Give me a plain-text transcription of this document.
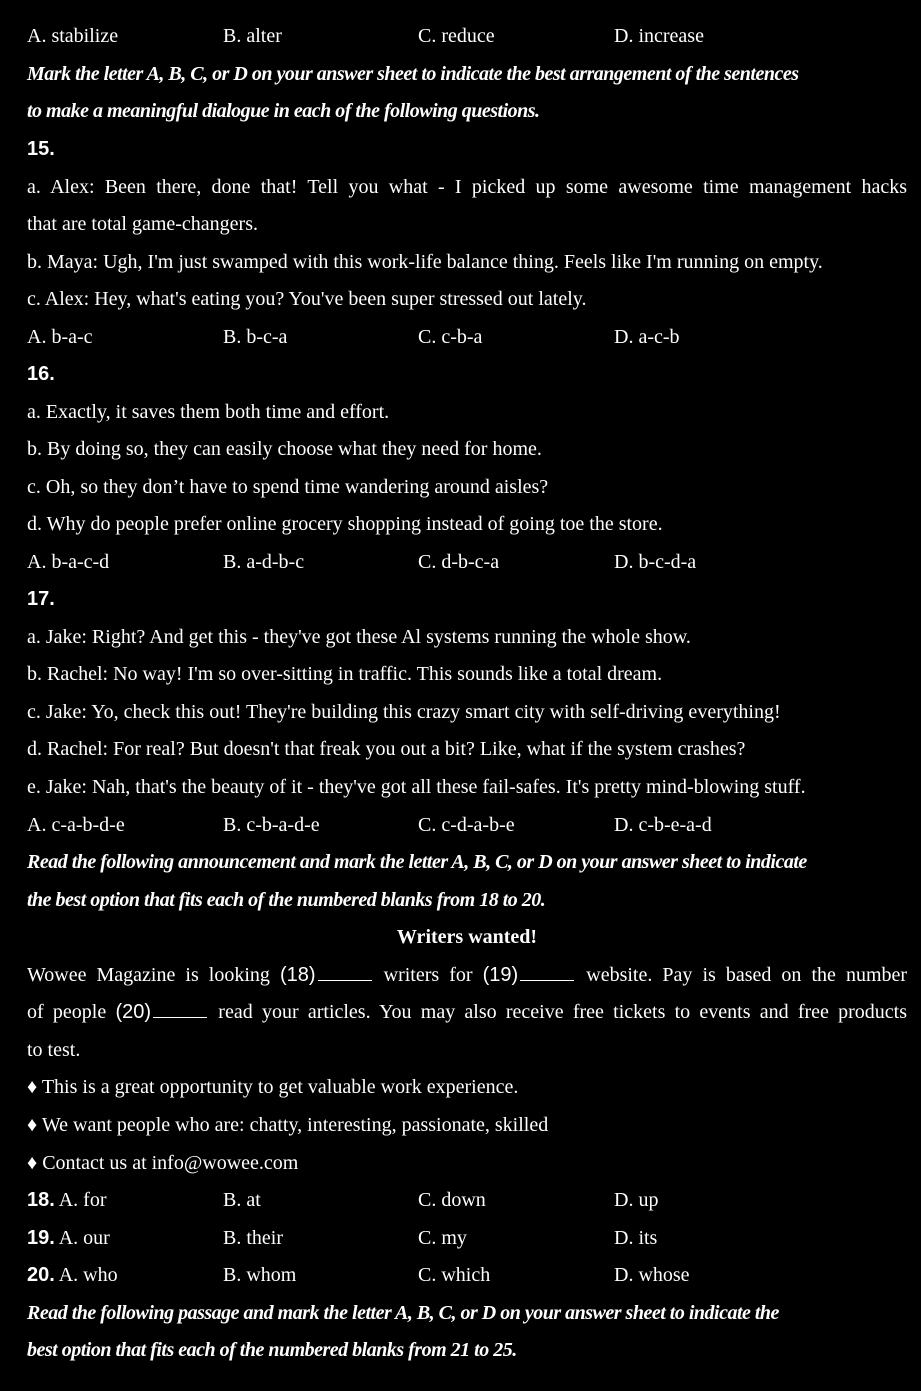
A. stabilize	B. alter	C. reduce	D. increase
Mark the letter A, B, C, or D on your answer sheet to indicate the best arrangement of the sentences
to make a meaningful dialogue in each of the following questions.
15.
a. Alex: Been there, done that! Tell you what - I picked up some awesome time management hacks
that are total game-changers.
b. Maya: Ugh, I'm just swamped with this work-life balance thing. Feels like I'm running on empty.
c. Alex: Hey, what's eating you? You've been super stressed out lately.
A. b-a-c	B. b-c-a	C. c-b-a	D. a-c-b
16.
a. Exactly, it saves them both time and effort.
b. By doing so, they can easily choose what they need for home.
c. Oh, so they don’t have to spend time wandering around aisles?
d. Why do people prefer online grocery shopping instead of going toe the store.
A. b-a-c-d	B. a-d-b-c	C. d-b-c-a	D. b-c-d-a
17.
a. Jake: Right? And get this - they've got these Al systems running the whole show.
b. Rachel: No way! I'm so over-sitting in traffic. This sounds like a total dream.
c. Jake: Yo, check this out! They're building this crazy smart city with self-driving everything!
d. Rachel: For real? But doesn't that freak you out a bit? Like, what if the system crashes?
e. Jake: Nah, that's the beauty of it - they've got all these fail-safes. It's pretty mind-blowing stuff.
A. c-a-b-d-e	B. c-b-a-d-e	C. c-d-a-b-e	D. c-b-e-a-d
Read the following announcement and mark the letter A, B, C, or D on your answer sheet to indicate
the best option that fits each of the numbered blanks from 18 to 20.
Writers wanted!
Wowee Magazine is looking (18)	writers for (19)	website. Pay is based on the number
of people (20)	read your articles. You may also receive free tickets to events and free products
to test.
♦ This is a great opportunity to get valuable work experience.
♦ We want people who are: chatty, interesting, passionate, skilled
♦ Contact us at info@wowee.com
18. A. for	B. at	C. down	D. up
19. A. our	B. their	C. my	D. its
20. A. who	B. whom	C. which	D. whose
Read the following passage and mark the letter A, B, C, or D on your answer sheet to indicate the
best option that fits each of the numbered blanks from 21 to 25.
